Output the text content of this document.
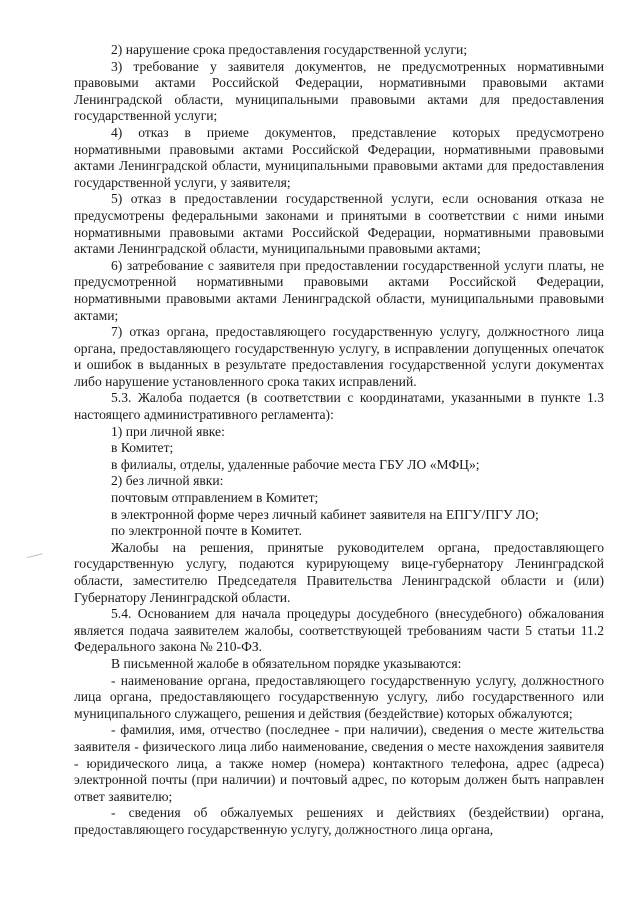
2) нарушение срока предоставления государственной услуги;

3) требование у заявителя документов, не предусмотренных нормативными правовыми актами Российской Федерации, нормативными правовыми актами Ленинградской области, муниципальными правовыми актами для предоставления государственной услуги;

4) отказ в приеме документов, представление которых предусмотрено нормативными правовыми актами Российской Федерации, нормативными правовыми актами Ленинградской области, муниципальными правовыми актами для предоставления государственной услуги, у заявителя;

5) отказ в предоставлении государственной услуги, если основания отказа не предусмотрены федеральными законами и принятыми в соответствии с ними иными нормативными правовыми актами Российской Федерации, нормативными правовыми актами Ленинградской области, муниципальными правовыми актами;

6) затребование с заявителя при предоставлении государственной услуги платы, не предусмотренной нормативными правовыми актами Российской Федерации, нормативными правовыми актами Ленинградской области, муниципальными правовыми актами;

7) отказ органа, предоставляющего государственную услугу, должностного лица органа, предоставляющего государственную услугу, в исправлении допущенных опечаток и ошибок в выданных в результате предоставления государственной услуги документах либо нарушение установленного срока таких исправлений.

5.3. Жалоба подается (в соответствии с координатами, указанными в пункте 1.3 настоящего административного регламента):

1) при личной явке:

в Комитет;

в филиалы, отделы, удаленные рабочие места ГБУ ЛО «МФЦ»;

2) без личной явки:

почтовым отправлением в Комитет;

в электронной форме через личный кабинет заявителя на ЕПГУ/ПГУ ЛО;

по электронной почте в Комитет.

Жалобы на решения, принятые руководителем органа, предоставляющего государственную услугу, подаются курирующему вице-губернатору Ленинградской области, заместителю Председателя Правительства Ленинградской области и (или) Губернатору Ленинградской области.

5.4. Основанием для начала процедуры досудебного (внесудебного) обжалования является подача заявителем жалобы, соответствующей требованиям части 5 статьи 11.2 Федерального закона № 210-ФЗ.

В письменной жалобе в обязательном порядке указываются:

- наименование органа, предоставляющего государственную услугу, должностного лица органа, предоставляющего государственную услугу, либо государственного или муниципального служащего, решения и действия (бездействие) которых обжалуются;

- фамилия, имя, отчество (последнее - при наличии), сведения о месте жительства заявителя - физического лица либо наименование, сведения о месте нахождения заявителя - юридического лица, а также номер (номера) контактного телефона, адрес (адреса) электронной почты (при наличии) и почтовый адрес, по которым должен быть направлен ответ заявителю;

- сведения об обжалуемых решениях и действиях (бездействии) органа, предоставляющего государственную услугу, должностного лица органа,
